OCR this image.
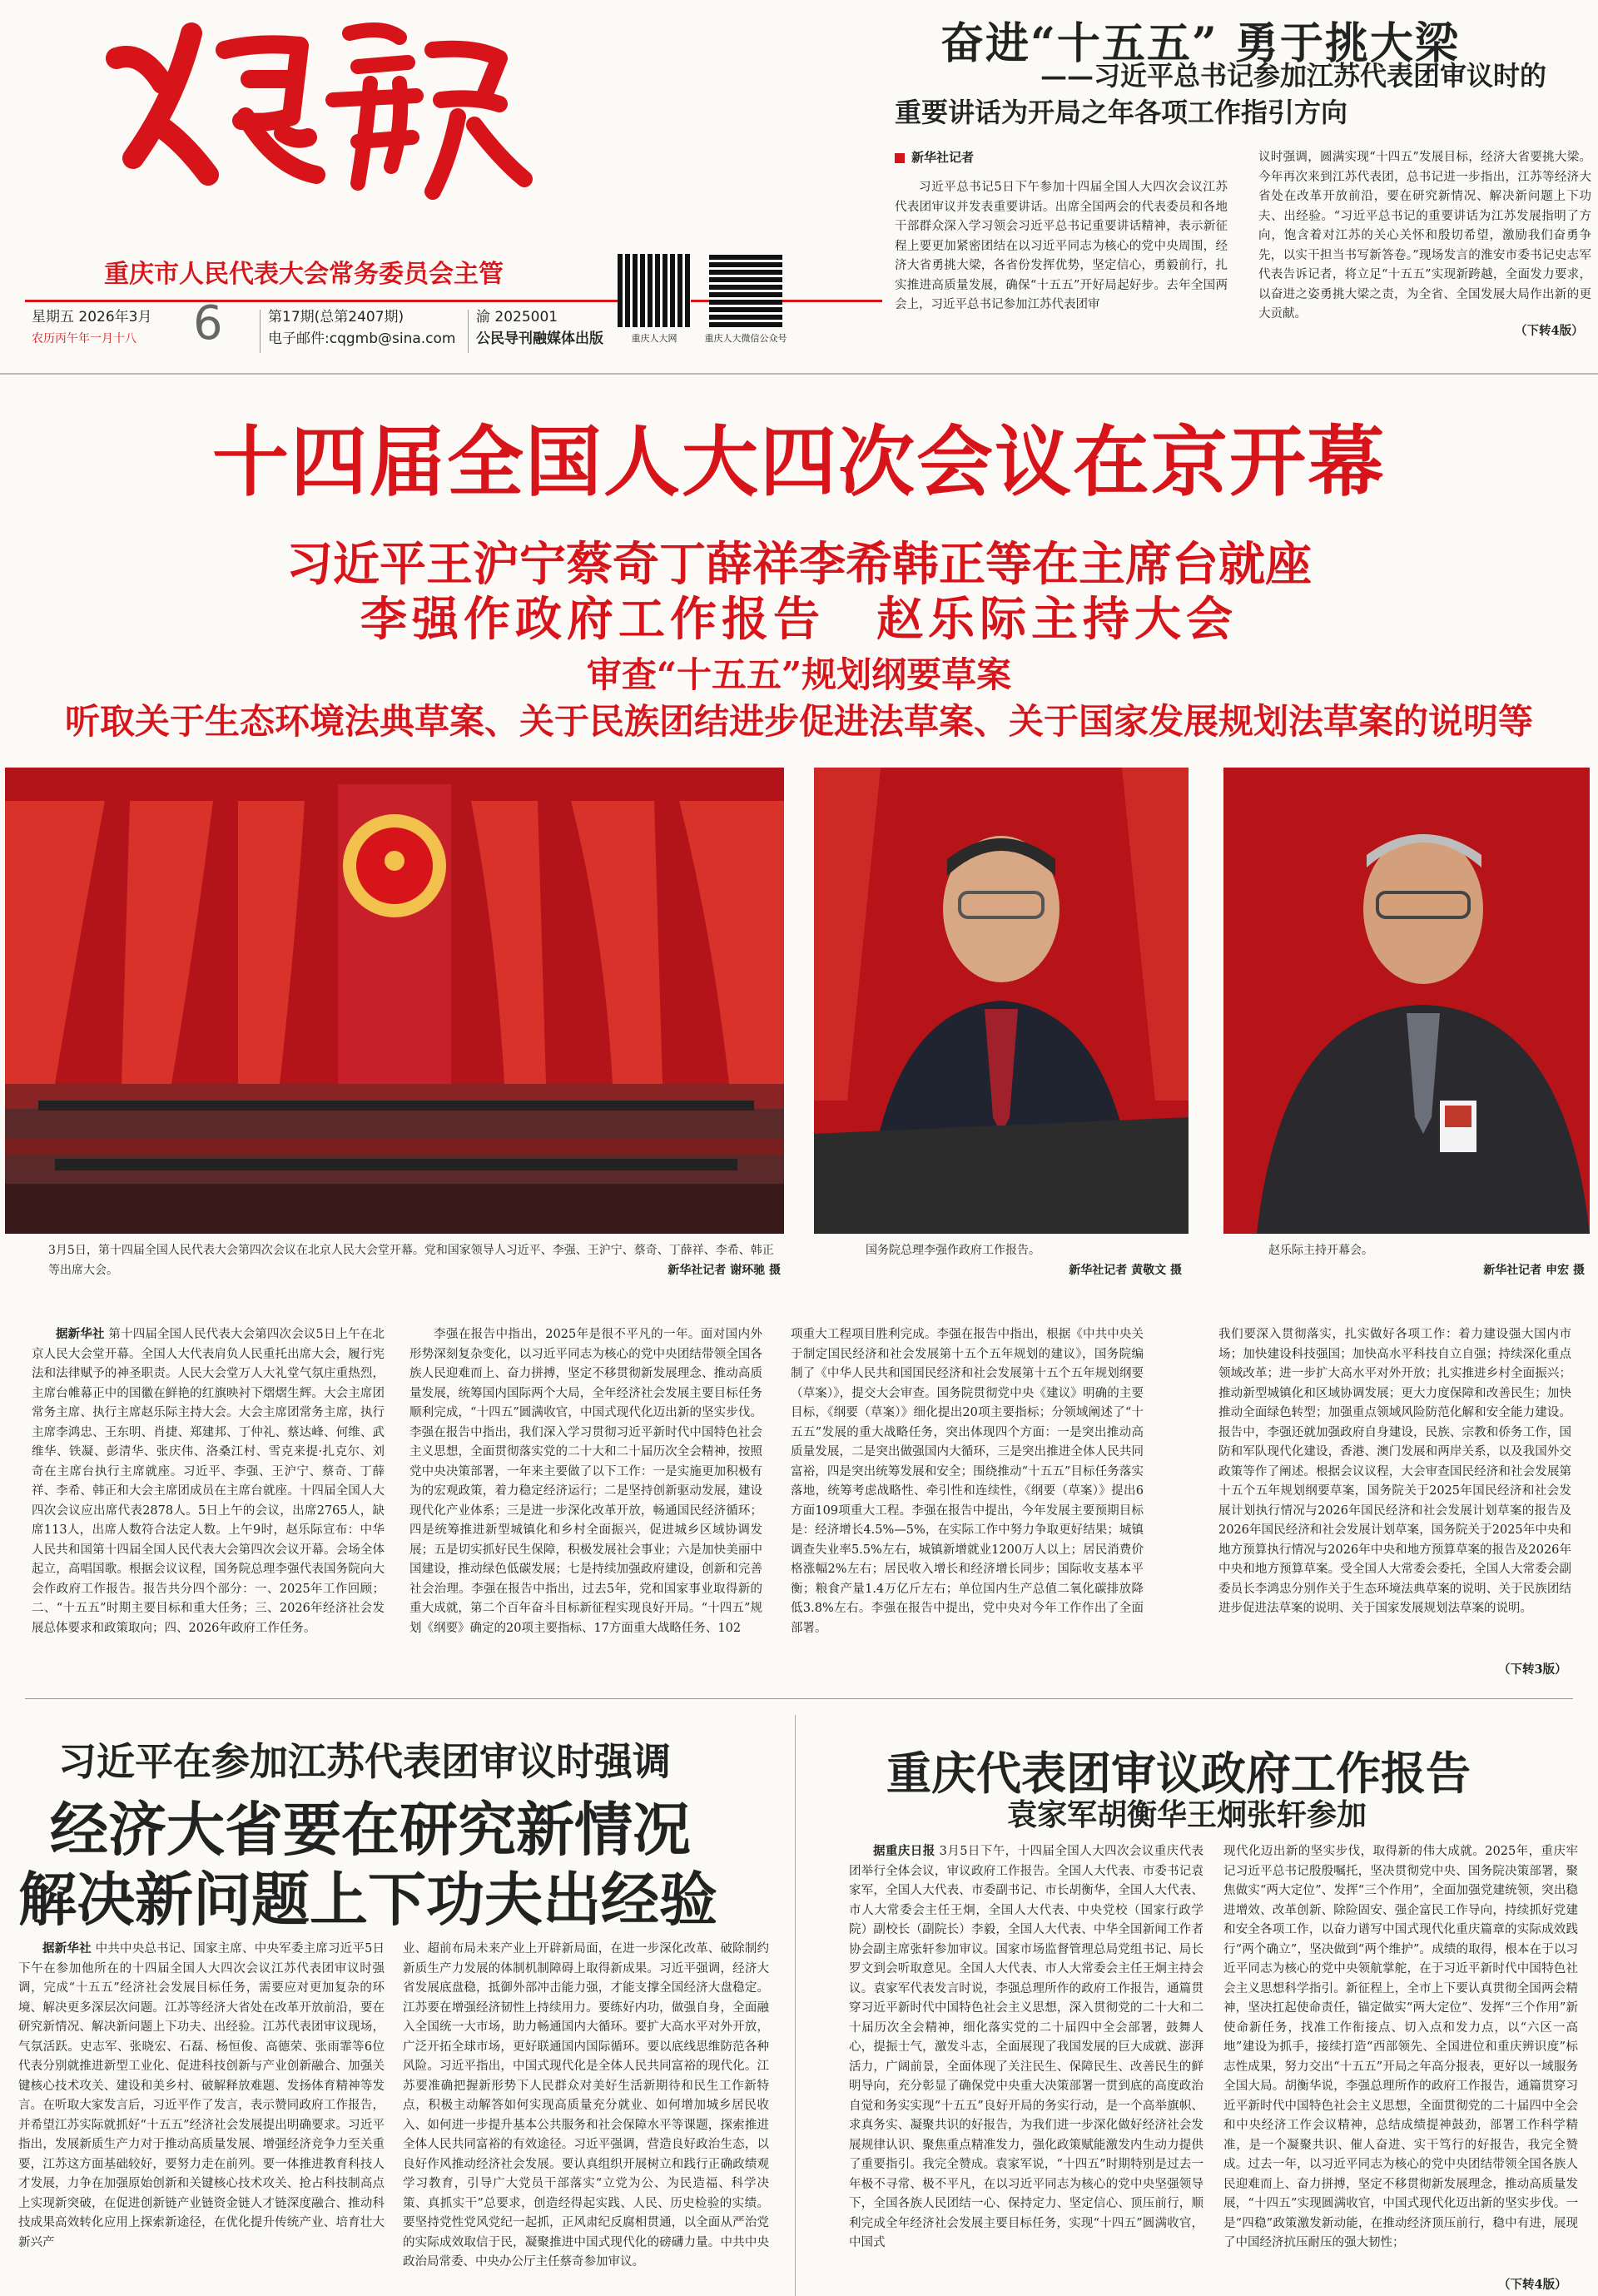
重庆市人民代表大会常务委员会主管
星期五 2026年3月
农历丙午年一月十八	6	第17期(总第2407期)
电子邮件:cqgmb@sina.com
渝 2025001
公民导刊融媒体出版	重庆人大网	重庆人大微信公众号
奋进“十五五” 勇于挑大梁
——习近平总书记参加江苏代表团审议时的
重要讲话为开局之年各项工作指引方向
新华社记者

习近平总书记5日下午参加十四届全国人大四次会议江苏代表团审议并发表重要讲话。出席全国两会的代表委员和各地干部群众深入学习领会习近平总书记重要讲话精神，表示新征程上要更加紧密团结在以习近平同志为核心的党中央周围，经济大省勇挑大梁，各省份发挥优势，坚定信心，勇毅前行，扎实推进高质量发展，确保“十五五”开好局起好步。去年全国两会上，习近平总书记参加江苏代表团审

议时强调，圆满实现“十四五”发展目标，经济大省要挑大梁。今年再次来到江苏代表团，总书记进一步指出，江苏等经济大省处在改革开放前沿，要在研究新情况、解决新问题上下功夫、出经验。“习近平总书记的重要讲话为江苏发展指明了方向，饱含着对江苏的关心关怀和殷切希望，激励我们奋勇争先，以实干担当书写新答卷。”现场发言的淮安市委书记史志军代表告诉记者，将立足“十五五”实现新跨越，全面发力要求，以奋进之姿勇挑大梁之责，为全省、全国发展大局作出新的更大贡献。

（下转4版）
十四届全国人大四次会议在京开幕
习近平王沪宁蔡奇丁薛祥李希韩正等在主席台就座
李强作政府工作报告　赵乐际主持大会
审查“十五五”规划纲要草案
听取关于生态环境法典草案、关于民族团结进步促进法草案、关于国家发展规划法草案的说明等
3月5日，第十四届全国人民代表大会第四次会议在北京人民大会堂开幕。党和国家领导人习近平、李强、王沪宁、蔡奇、丁薛祥、李希、韩正等出席大会。	新华社记者 谢环驰 摄
国务院总理李强作政府工作报告。
新华社记者 黄敬文 摄
赵乐际主持开幕会。
新华社记者 申宏 摄

据新华社 第十四届全国人民代表大会第四次会议5日上午在北京人民大会堂开幕。全国人大代表肩负人民重托出席大会，履行宪法和法律赋予的神圣职责。人民大会堂万人大礼堂气氛庄重热烈，主席台帷幕正中的国徽在鲜艳的红旗映衬下熠熠生辉。大会主席团常务主席、执行主席赵乐际主持大会。大会主席团常务主席，执行主席李鸿忠、王东明、肖捷、郑建邦、丁仲礼、蔡达峰、何维、武维华、铁凝、彭清华、张庆伟、洛桑江村、雪克来提·扎克尔、刘奇在主席台执行主席就座。习近平、李强、王沪宁、蔡奇、丁薛祥、李希、韩正和大会主席团成员在主席台就座。十四届全国人大四次会议应出席代表2878人。5日上午的会议，出席2765人，缺席113人，出席人数符合法定人数。上午9时，赵乐际宣布：中华人民共和国第十四届全国人民代表大会第四次会议开幕。会场全体起立，高唱国歌。根据会议议程，国务院总理李强代表国务院向大会作政府工作报告。报告共分四个部分：一、2025年工作回顾；二、“十五五”时期主要目标和重大任务；三、2026年经济社会发展总体要求和政策取向；四、2026年政府工作任务。

李强在报告中指出，2025年是很不平凡的一年。面对国内外形势深刻复杂变化，以习近平同志为核心的党中央团结带领全国各族人民迎难而上、奋力拼搏，坚定不移贯彻新发展理念、推动高质量发展，统筹国内国际两个大局，全年经济社会发展主要目标任务顺利完成，“十四五”圆满收官，中国式现代化迈出新的坚实步伐。李强在报告中指出，我们深入学习贯彻习近平新时代中国特色社会主义思想，全面贯彻落实党的二十大和二十届历次全会精神，按照党中央决策部署，一年来主要做了以下工作：一是实施更加积极有为的宏观政策，着力稳定经济运行；二是坚持创新驱动发展，建设现代化产业体系；三是进一步深化改革开放，畅通国民经济循环；四是统筹推进新型城镇化和乡村全面振兴，促进城乡区域协调发展；五是切实抓好民生保障，积极发展社会事业；六是加快美丽中国建设，推动绿色低碳发展；七是持续加强政府建设，创新和完善社会治理。李强在报告中指出，过去5年，党和国家事业取得新的重大成就，第二个百年奋斗目标新征程实现良好开局。“十四五”规划《纲要》确定的20项主要指标、17方面重大战略任务、102

项重大工程项目胜利完成。李强在报告中指出，根据《中共中央关于制定国民经济和社会发展第十五个五年规划的建议》，国务院编制了《中华人民共和国国民经济和社会发展第十五个五年规划纲要（草案）》，提交大会审查。国务院贯彻党中央《建议》明确的主要目标，《纲要（草案）》细化提出20项主要指标；分领域阐述了“十五五”发展的重大战略任务，突出体现四个方面：一是突出推动高质量发展，二是突出做强国内大循环，三是突出推进全体人民共同富裕，四是突出统筹发展和安全；围绕推动“十五五”目标任务落实落地，统筹考虑战略性、牵引性和连续性，《纲要（草案）》提出6方面109项重大工程。李强在报告中提出，今年发展主要预期目标是：经济增长4.5%—5%，在实际工作中努力争取更好结果；城镇调查失业率5.5%左右，城镇新增就业1200万人以上；居民消费价格涨幅2%左右；居民收入增长和经济增长同步；国际收支基本平衡；粮食产量1.4万亿斤左右；单位国内生产总值二氧化碳排放降低3.8%左右。李强在报告中提出，党中央对今年工作作出了全面部署。

我们要深入贯彻落实，扎实做好各项工作：着力建设强大国内市场；加快建设科技强国；加快高水平科技自立自强；持续深化重点领域改革；进一步扩大高水平对外开放；扎实推进乡村全面振兴；推动新型城镇化和区域协调发展；更大力度保障和改善民生；加快推动全面绿色转型；加强重点领域风险防范化解和安全能力建设。报告中，李强还就加强政府自身建设，民族、宗教和侨务工作，国防和军队现代化建设，香港、澳门发展和两岸关系，以及我国外交政策等作了阐述。根据会议议程，大会审查国民经济和社会发展第十五个五年规划纲要草案，国务院关于2025年国民经济和社会发展计划执行情况与2026年国民经济和社会发展计划草案的报告及2026年国民经济和社会发展计划草案，国务院关于2025年中央和地方预算执行情况与2026年中央和地方预算草案的报告及2026年中央和地方预算草案。受全国人大常委会委托，全国人大常委会副委员长李鸿忠分别作关于生态环境法典草案的说明、关于民族团结进步促进法草案的说明、关于国家发展规划法草案的说明。

（下转3版）
习近平在参加江苏代表团审议时强调
经济大省要在研究新情况
解决新问题上下功夫出经验

据新华社 中共中央总书记、国家主席、中央军委主席习近平5日下午在参加他所在的十四届全国人大四次会议江苏代表团审议时强调，完成“十五五”经济社会发展目标任务，需要应对更加复杂的环境、解决更多深层次问题。江苏等经济大省处在改革开放前沿，要在研究新情况、解决新问题上下功夫、出经验。江苏代表团审议现场，气氛活跃。史志军、张晓宏、石磊、杨恒俊、高德荣、张雨霏等6位代表分别就推进新型工业化、促进科技创新与产业创新融合、加强关键核心技术攻关、建设和美乡村、破解释放难题、发扬体育精神等发言。在听取大家发言后，习近平作了发言，表示赞同政府工作报告，并希望江苏实际就抓好“十五五”经济社会发展提出明确要求。习近平指出，发展新质生产力对于推动高质量发展、增强经济竞争力至关重要，江苏这方面基础较好，要努力走在前列。要一体推进教育科技人才发展，力争在加强原始创新和关键核心技术攻关、抢占科技制高点上实现新突破，在促进创新链产业链资金链人才链深度融合、推动科技成果高效转化应用上探索新途径，在优化提升传统产业、培育壮大新兴产

业、超前布局未来产业上开辟新局面，在进一步深化改革、破除制约新质生产力发展的体制机制障碍上取得新成果。习近平强调，经济大省发展底盘稳，抵御外部冲击能力强，才能支撑全国经济大盘稳定。江苏要在增强经济韧性上持续用力。要练好内功，做强自身，全面融入全国统一大市场，助力畅通国内大循环。要扩大高水平对外开放，广泛开拓全球市场，更好联通国内国际循环。要以底线思维防范各种风险。习近平指出，中国式现代化是全体人民共同富裕的现代化。江苏要准确把握新形势下人民群众对美好生活新期待和民生工作新特点，积极主动解答如何实现高质量充分就业、如何增加城乡居民收入、如何进一步提升基本公共服务和社会保障水平等课题，探索推进全体人民共同富裕的有效途径。习近平强调，营造良好政治生态，以良好作风推动经济社会发展。要认真组织开展树立和践行正确政绩观学习教育，引导广大党员干部落实“立党为公、为民造福、科学决策、真抓实干”总要求，创造经得起实践、人民、历史检验的实绩。要坚持党性党风党纪一起抓，正风肃纪反腐相贯通，以全面从严治党的实际成效取信于民，凝聚推进中国式现代化的磅礴力量。中共中央政治局常委、中央办公厅主任蔡奇参加审议。

重庆代表团审议政府工作报告
袁家军胡衡华王炯张轩参加

据重庆日报 3月5日下午，十四届全国人大四次会议重庆代表团举行全体会议，审议政府工作报告。全国人大代表、市委书记袁家军，全国人大代表、市委副书记、市长胡衡华，全国人大代表、市人大常委会主任王炯，全国人大代表、中央党校（国家行政学院）副校长（副院长）李毅，全国人大代表、中华全国新闻工作者协会副主席张轩参加审议。国家市场监督管理总局党组书记、局长罗文到会听取意见。全国人大代表、市人大常委会主任王炯主持会议。袁家军代表发言时说，李强总理所作的政府工作报告，通篇贯穿习近平新时代中国特色社会主义思想，深入贯彻党的二十大和二十届历次全会精神，细化落实党的二十届四中全会部署，鼓舞人心，提振士气，激发斗志，全面展现了我国发展的巨大成就、澎湃活力，广阔前景，全面体现了关注民生、保障民生、改善民生的鲜明导向，充分彰显了确保党中央重大决策部署一贯到底的高度政治自觉和务实实现“十五五”良好开局的务实行动，是一个高举旗帜、求真务实、凝聚共识的好报告，为我们进一步深化做好经济社会发展规律认识、聚焦重点精准发力，强化政策赋能激发内生动力提供了重要指引。我完全赞成。袁家军说，“十四五”时期特别是过去一年极不寻常、极不平凡，在以习近平同志为核心的党中央坚强领导下，全国各族人民团结一心、保持定力、坚定信心、顶压前行，顺利完成全年经济社会发展主要目标任务，实现“十四五”圆满收官，中国式

现代化迈出新的坚实步伐，取得新的伟大成就。2025年，重庆牢记习近平总书记殷殷嘱托，坚决贯彻党中央、国务院决策部署，聚焦做实“两大定位”、发挥“三个作用”，全面加强党建统领，突出稳进增效、改革创新、除险固安、强企富民工作导向，持续抓好党建和安全各项工作，以奋力谱写中国式现代化重庆篇章的实际成效践行“两个确立”，坚决做到“两个维护”。成绩的取得，根本在于以习近平同志为核心的党中央领航掌舵，在于习近平新时代中国特色社会主义思想科学指引。新征程上，全市上下要认真贯彻全国两会精神，坚决扛起使命责任，锚定做实“两大定位”、发挥“三个作用”新使命新任务，找准工作衔接点、切入点和发力点，以“六区一高地”建设为抓手，接续打造“西部领先、全国进位和重庆辨识度”标志性成果，努力交出“十五五”开局之年高分报表，更好以一域服务全国大局。胡衡华说，李强总理所作的政府工作报告，通篇贯穿习近平新时代中国特色社会主义思想，全面贯彻党的二十届四中全会和中央经济工作会议精神，总结成绩提神鼓劲，部署工作科学精准，是一个凝聚共识、催人奋进、实干笃行的好报告，我完全赞成。过去一年，以习近平同志为核心的党中央团结带领全国各族人民迎难而上、奋力拼搏，坚定不移贯彻新发展理念，推动高质量发展，“十四五”实现圆满收官，中国式现代化迈出新的坚实步伐。一是“四稳”政策激发新动能，在推动经济顶压前行，稳中有进，展现了中国经济抗压耐压的强大韧性；

（下转4版）
